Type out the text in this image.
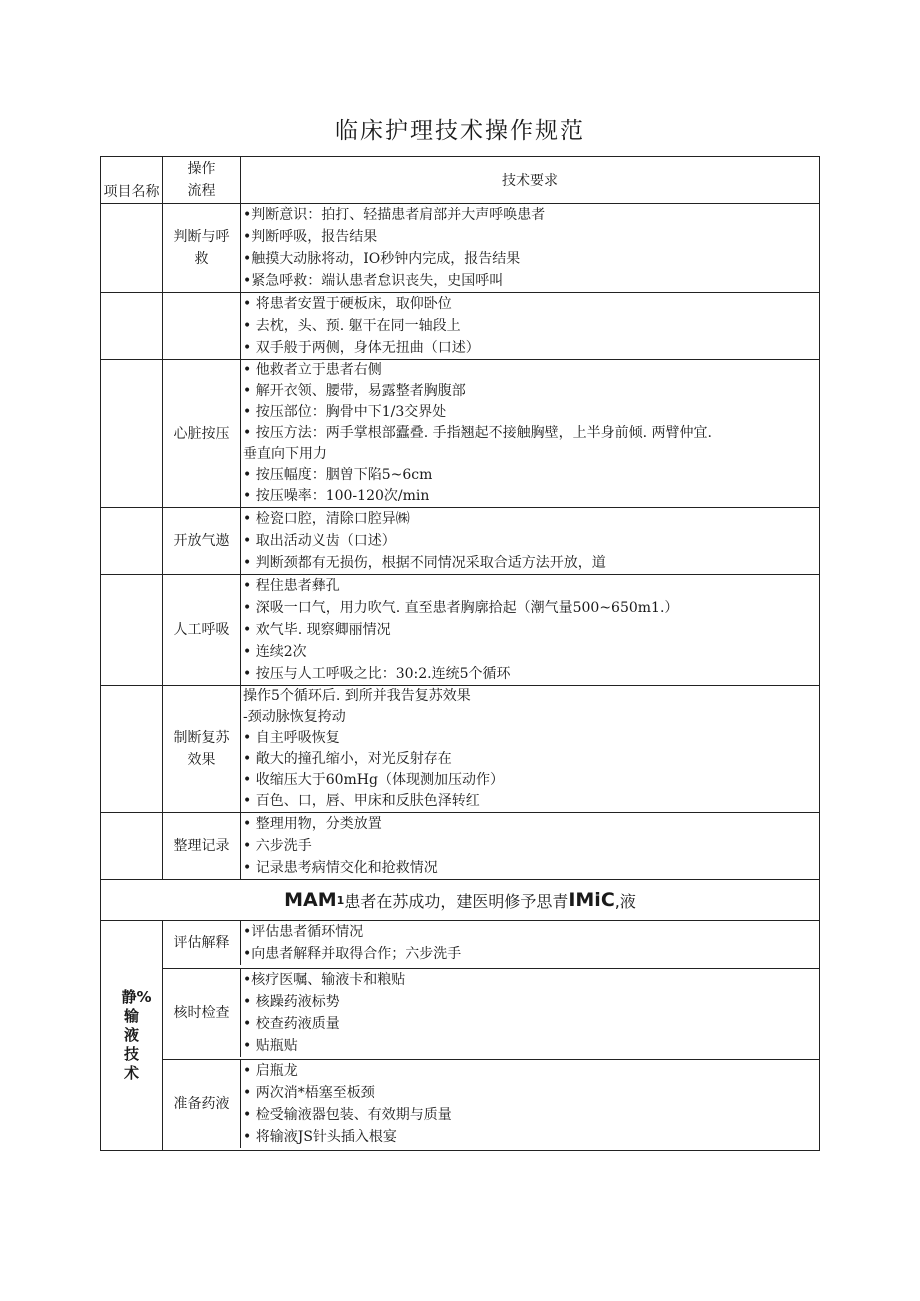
临床护理技术操作规范
项目名称
操作
流程
技术要求
判断与呼救
•判断意识：拍打、轻描患者肩部并大声呼唤患者
•判断呼吸，报告结果
•触摸大动脉将动，IO秒钟内完成，报告结果
•紧急呼救：端认患者怠识丧失，史国呼叫
• 将患者安置于硬板床，取仰卧位
• 去枕，头、预. 躯干在同一轴段上
• 双手般于两侧，身体无扭曲（口述）
心脏按压
• 他救者立于患者右侧
• 解开衣领、腰带，易露整者胸腹部
• 按压部位：胸骨中下1/3交界处
• 按压方法：两手掌根部蠹叠. 手指翘起不接触胸壁，上半身前倾. 两臂仲宜.
垂直向下用力
• 按压幅度：胭曽下陷5~6cm
• 按压噪率：100-120次/min
开放气遨
• 检瓷口腔，清除口腔异㈱
• 取出活动义齿（口述）
• 判断颈都有无损伤，根据不同情况采取合适方法开放，道
人工呼吸
• 程住患者彝孔
• 深吸一口气，用力吹气. 直至患者胸廓拾起（潮气量500~650m1.）
• 欢气毕. 现察卿丽情况
• 连续2次
• 按压与人工呼吸之比：30:2.连统5个循环
制断复苏效果
操作5个循环后. 到所并我告复苏效果
-颈动脉恢复挎动
• 自主呼吸恢复
• 敞大的撞孔缩小，对光反射存在
• 收缩压大于60mHg（体现测加压动作）
• 百色、口，唇、甲床和反肤色泽转红
整理记录
• 整理用物，分类放置
• 六步洗手
• 记录患考病情交化和抢救情况
MAM 1 患者在苏成功，建医明修予思青 IMiC ,液
静%输液技术
评估解释
•评估患者循环情况
•向患者解释并取得合作；六步洗手
核时检查
•核疗医嘱、输液卡和粮贴
• 核躁药液标势
• 校查药液质量
• 贴瓶贴
准备药液
• 启瓶龙
• 两次消*梧塞至板颈
• 检受输液器包装、有效期与质量
• 将输液JS针头插入根宴
